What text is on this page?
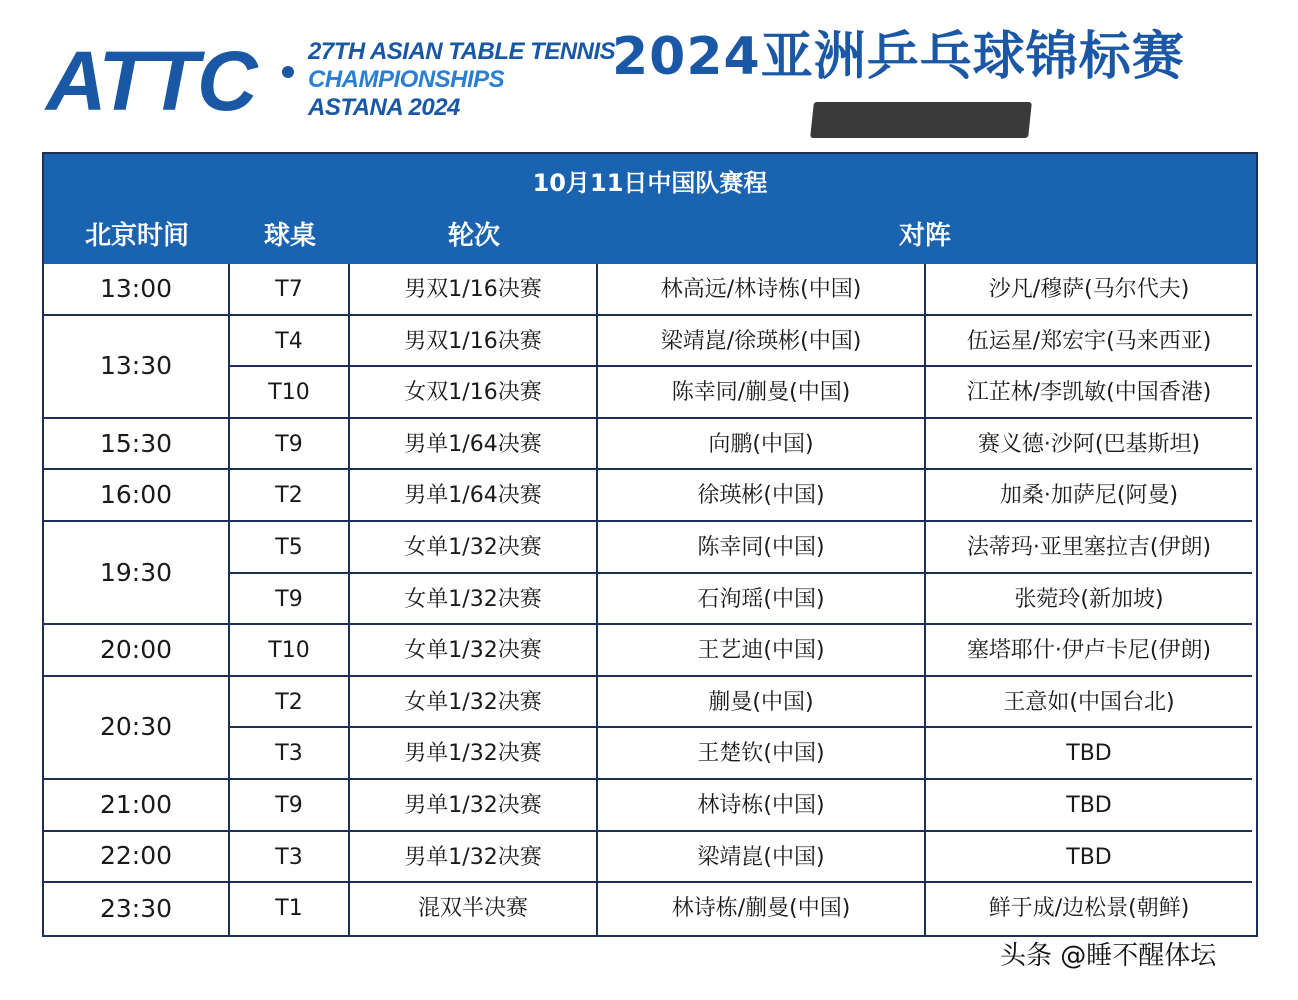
ATTC 27TH ASIAN TABLE TENNIS
CHAMPIONSHIPS
ASTANA 2024
2024亚洲乒乓球锦标赛
10月11日中国队赛程
北京时间	球桌	轮次	对阵
13:00	T7	男双1/16决赛	林高远/林诗栋(中国)	沙凡/穆萨(马尔代夫)
13:30
T4	男双1/16决赛	梁靖崑/徐瑛彬(中国)	伍运星/郑宏宇(马来西亚)
T10	女双1/16决赛	陈幸同/蒯曼(中国)	江芷林/李凯敏(中国香港)
15:30	T9	男单1/64决赛	向鹏(中国)	赛义德·沙阿(巴基斯坦)
16:00	T2	男单1/64决赛	徐瑛彬(中国)	加桑·加萨尼(阿曼)
19:30
T5	女单1/32决赛	陈幸同(中国)	法蒂玛·亚里塞拉吉(伊朗)
T9	女单1/32决赛	石洵瑶(中国)	张菀玲(新加坡)
20:00	T10	女单1/32决赛	王艺迪(中国)	塞塔耶什·伊卢卡尼(伊朗)
20:30
T2	女单1/32决赛	蒯曼(中国)	王意如(中国台北)
T3	男单1/32决赛	王楚钦(中国)	TBD
21:00	T9	男单1/32决赛	林诗栋(中国)	TBD
22:00	T3	男单1/32决赛	梁靖崑(中国)	TBD
23:30	T1	混双半决赛	林诗栋/蒯曼(中国)	鲜于成/边松景(朝鲜)
头条 @睡不醒体坛
